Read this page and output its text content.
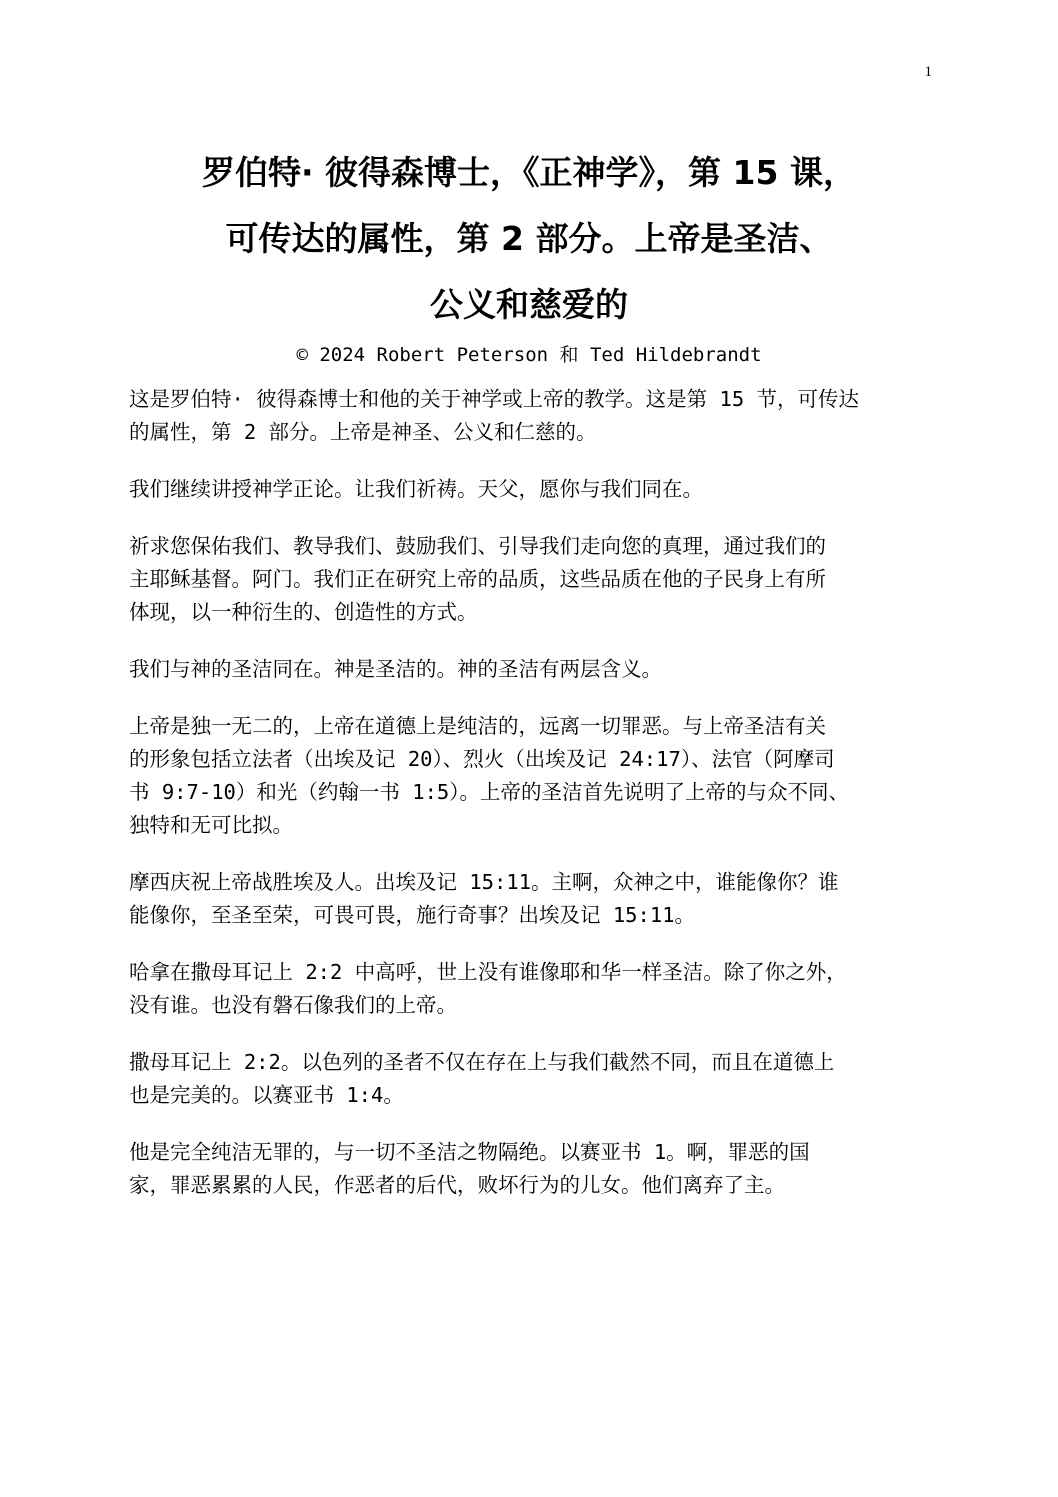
1
罗伯特· 彼得森博士，《正神学》，第 15 课，
可传达的属性，第 2 部分。上帝是圣洁、
公义和慈爱的
© 2024 Robert Peterson 和 Ted Hildebrandt
这是罗伯特· 彼得森博士和他的关于神学或上帝的教学。这是第 15 节，可传达
的属性，第 2 部分。上帝是神圣、公义和仁慈的。
我们继续讲授神学正论。让我们祈祷。天父，愿你与我们同在。
祈求您保佑我们、教导我们、鼓励我们、引导我们走向您的真理，通过我们的
主耶稣基督。阿门。我们正在研究上帝的品质，这些品质在他的子民身上有所
体现，以一种衍生的、创造性的方式。
我们与神的圣洁同在。神是圣洁的。神的圣洁有两层含义。
上帝是独一无二的，上帝在道德上是纯洁的，远离一切罪恶。与上帝圣洁有关
的形象包括立法者（出埃及记 20）、烈火（出埃及记 24:17）、法官（阿摩司
书 9:7-10）和光（约翰一书 1:5）。上帝的圣洁首先说明了上帝的与众不同、
独特和无可比拟。
摩西庆祝上帝战胜埃及人。出埃及记 15:11。主啊，众神之中，谁能像你？谁
能像你，至圣至荣，可畏可畏，施行奇事？出埃及记 15:11。
哈拿在撒母耳记上 2:2 中高呼，世上没有谁像耶和华一样圣洁。除了你之外，
没有谁。也没有磐石像我们的上帝。
撒母耳记上 2:2。以色列的圣者不仅在存在上与我们截然不同，而且在道德上
也是完美的。以赛亚书 1:4。
他是完全纯洁无罪的，与一切不圣洁之物隔绝。以赛亚书 1。啊，罪恶的国
家，罪恶累累的人民，作恶者的后代，败坏行为的儿女。他们离弃了主。
